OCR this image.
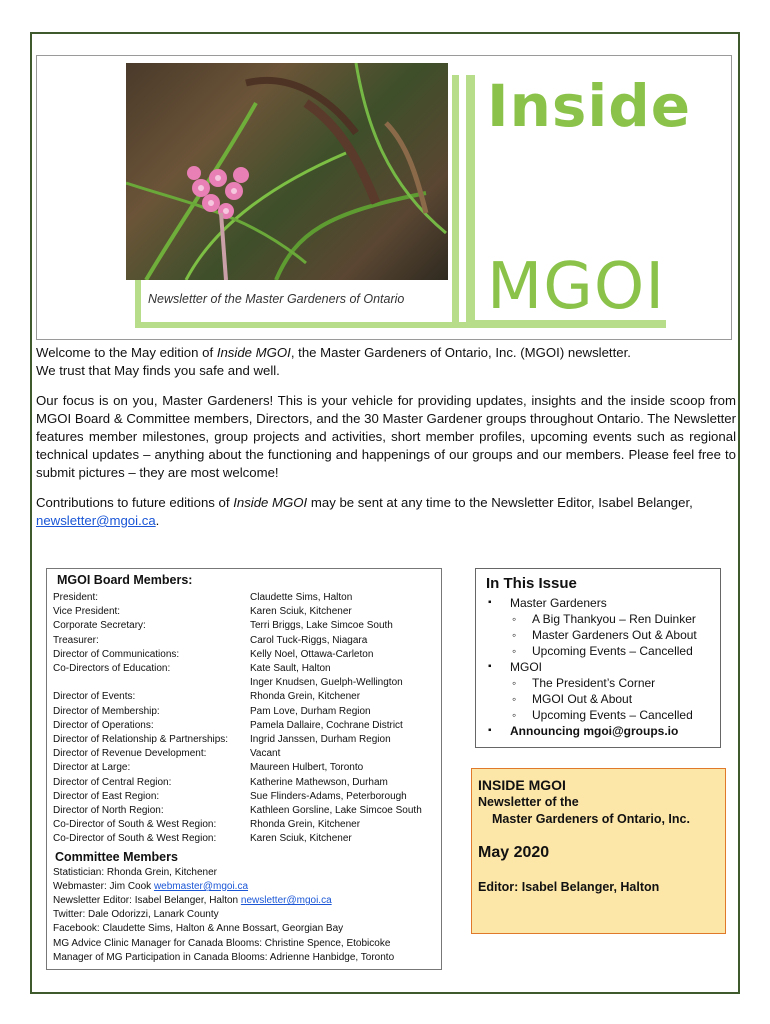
Newsletter of the Master Gardeners of Ontario
Inside
MGOI

Welcome to the May edition of Inside MGOI, the Master Gardeners of Ontario, Inc. (MGOI) newsletter.
We trust that May finds you safe and well.

Our focus is on you, Master Gardeners! This is your vehicle for providing updates, insights and the inside scoop from MGOI Board & Committee members, Directors, and the 30 Master Gardener groups throughout Ontario. The Newsletter features member milestones, group projects and activities, short member profiles, upcoming events such as regional technical updates – anything about the functioning and happenings of our groups and our members. Please feel free to submit pictures – they are most welcome!

Contributions to future editions of Inside MGOI may be sent at any time to the Newsletter Editor, Isabel Belanger,
newsletter@mgoi.ca.

MGOI Board Members:
President:	Claudette Sims, Halton
Vice President:	Karen Sciuk, Kitchener
Corporate Secretary:	Terri Briggs, Lake Simcoe South
Treasurer:	Carol Tuck-Riggs, Niagara
Director of Communications:	Kelly Noel, Ottawa-Carleton
Co-Directors of Education:	Kate Sault, Halton

Inger Knudsen, Guelph-Wellington
Director of Events:	Rhonda Grein, Kitchener
Director of Membership:	Pam Love, Durham Region
Director of Operations:	Pamela Dallaire, Cochrane District
Director of Relationship & Partnerships:	Ingrid Janssen, Durham Region
Director of Revenue Development:	Vacant
Director at Large:	Maureen Hulbert, Toronto
Director of Central Region:	Katherine Mathewson, Durham
Director of East Region:	Sue Flinders-Adams, Peterborough
Director of North Region:	Kathleen Gorsline, Lake Simcoe South
Co-Director of South & West Region:	Rhonda Grein, Kitchener
Co-Director of South & West Region:	Karen Sciuk, Kitchener
Committee Members
Statistician: Rhonda Grein, Kitchener
Webmaster: Jim Cook webmaster@mgoi.ca
Newsletter Editor: Isabel Belanger, Halton newsletter@mgoi.ca
Twitter: Dale Odorizzi, Lanark County
Facebook: Claudette Sims, Halton & Anne Bossart, Georgian Bay
MG Advice Clinic Manager for Canada Blooms: Christine Spence, Etobicoke
Manager of MG Participation in Canada Blooms: Adrienne Hanbidge, Toronto
In This Issue
▪ Master Gardeners
◦ A Big Thankyou – Ren Duinker
◦ Master Gardeners Out & About
◦ Upcoming Events – Cancelled
▪ MGOI
◦ The President’s Corner
◦ MGOI Out & About
◦ Upcoming Events – Cancelled
▪ Announcing mgoi@groups.io
INSIDE MGOI
Newsletter of the
Master Gardeners of Ontario, Inc.
May 2020
Editor: Isabel Belanger, Halton
